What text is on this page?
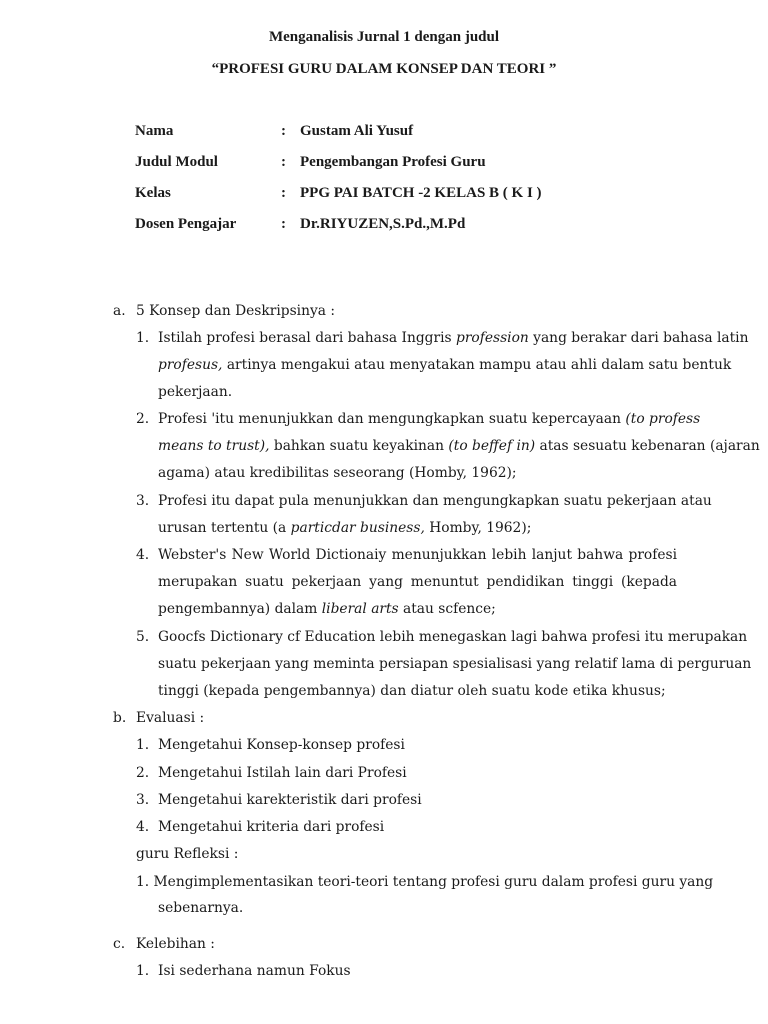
Menganalisis Jurnal 1 dengan judul
“PROFESI GURU DALAM KONSEP DAN TEORI ”
Nama	: Gustam Ali Yusuf
Judul Modul	: Pengembangan Profesi Guru
Kelas	: PPG PAI BATCH -2 KELAS B ( K I )
Dosen Pengajar	: Dr.RIYUZEN,S.Pd.,M.Pd
a. 5 Konsep dan Deskripsinya :
1. Istilah profesi berasal dari bahasa Inggris profession yang berakar dari bahasa latin
profesus, artinya mengakui atau menyatakan mampu atau ahli dalam satu bentuk
pekerjaan.
2. Profesi 'itu menunjukkan dan mengungkapkan suatu kepercayaan (to profess
means to trust), bahkan suatu keyakinan (to beffef in) atas sesuatu kebenaran (ajaran
agama) atau kredibilitas seseorang (Homby, 1962);
3. Profesi itu dapat pula menunjukkan dan mengungkapkan suatu pekerjaan atau
urusan tertentu (a particdar business, Homby, 1962);
4. Webster's New World Dictionaiy menunjukkan lebih lanjut bahwa profesi
merupakan suatu pekerjaan yang menuntut pendidikan tinggi (kepada
pengembannya) dalam liberal arts atau scfence;
5. Goocfs Dictionary cf Education lebih menegaskan lagi bahwa profesi itu merupakan
suatu pekerjaan yang meminta persiapan spesialisasi yang relatif lama di perguruan
tinggi (kepada pengembannya) dan diatur oleh suatu kode etika khusus;
b. Evaluasi :
1. Mengetahui Konsep-konsep profesi
2. Mengetahui Istilah lain dari Profesi
3. Mengetahui karekteristik dari profesi
4. Mengetahui kriteria dari profesi
guru Refleksi :
1. Mengimplementasikan teori-teori tentang profesi guru dalam profesi guru yang
sebenarnya.
c. Kelebihan :
1. Isi sederhana namun Fokus
